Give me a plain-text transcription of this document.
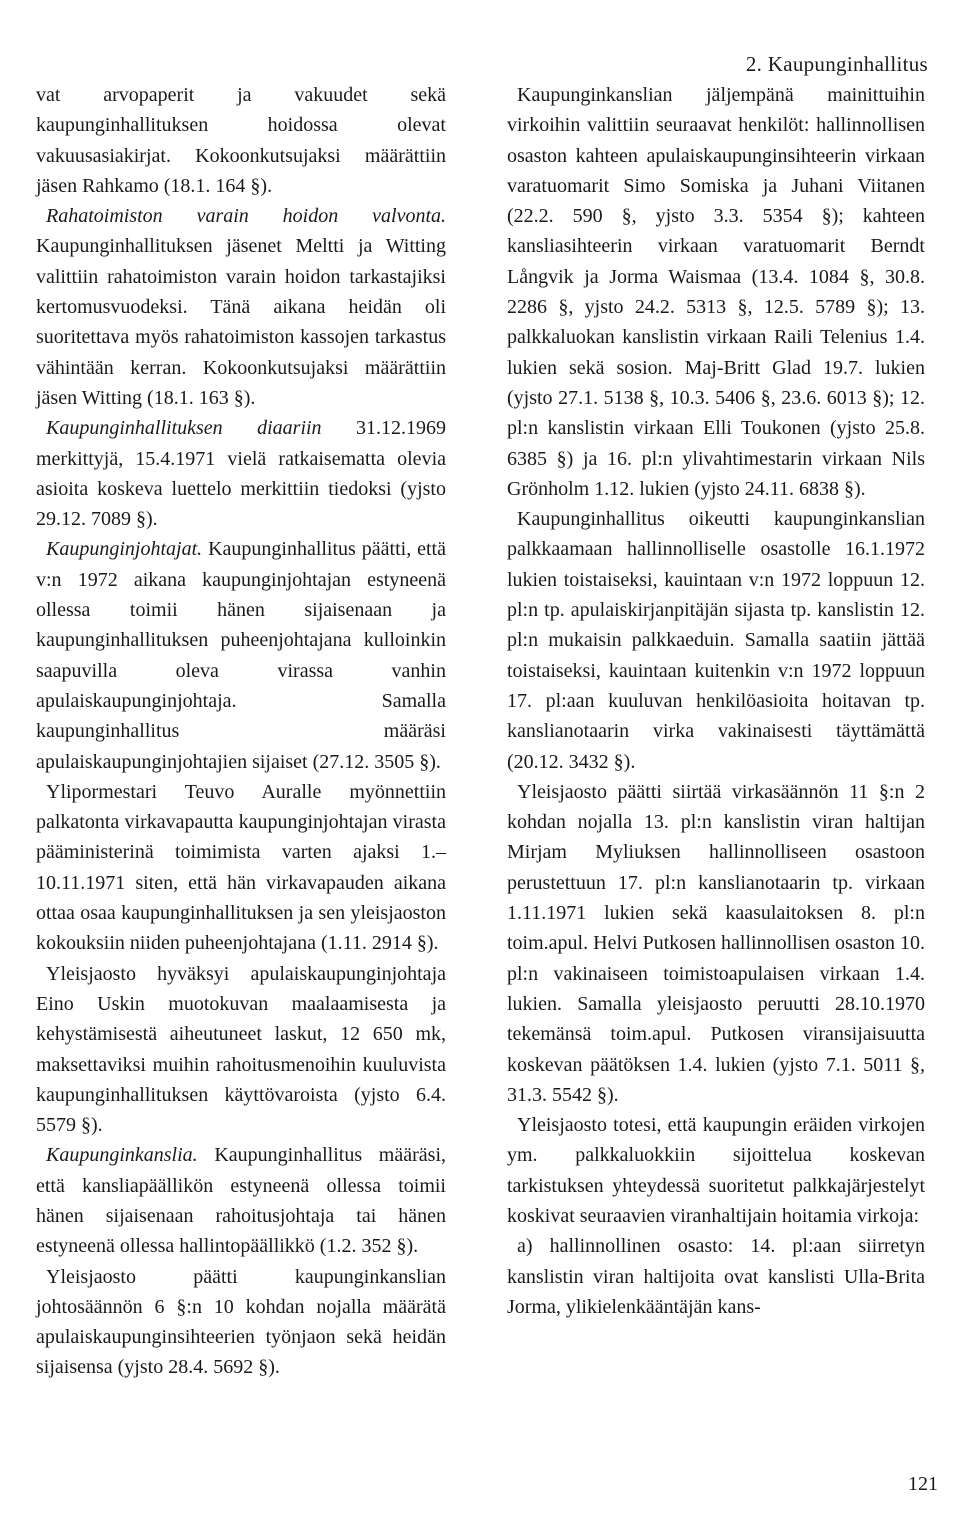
2. Kaupunginhallitus

vat arvopaperit ja vakuudet sekä kaupunginhallituksen hoidossa olevat vakuusasiakirjat. Kokoonkutsujaksi määrättiin jäsen Rahkamo (18.1. 164 §).

Rahatoimiston varain hoidon valvonta. Kaupunginhallituksen jäsenet Meltti ja Witting valittiin rahatoimiston varain hoidon tarkastajiksi kertomusvuodeksi. Tänä aikana heidän oli suoritettava myös rahatoimiston kassojen tarkastus vähintään kerran. Kokoonkutsujaksi määrättiin jäsen Witting (18.1. 163 §).

Kaupunginhallituksen diaariin 31.12.1969 merkittyjä, 15.4.1971 vielä ratkaisematta olevia asioita koskeva luettelo merkittiin tiedoksi (yjsto 29.12. 7089 §).

Kaupunginjohtajat. Kaupunginhallitus päätti, että v:n 1972 aikana kaupunginjohtajan estyneenä ollessa toimii hänen sijaisenaan ja kaupunginhallituksen puheenjohtajana kulloinkin saapuvilla oleva virassa vanhin apulaiskaupunginjohtaja. Samalla kaupunginhallitus määräsi apulaiskaupunginjohtajien sijaiset (27.12. 3505 §).

Ylipormestari Teuvo Auralle myönnettiin palkatonta virkavapautta kaupunginjohtajan virasta pääministerinä toimimista varten ajaksi 1.–10.11.1971 siten, että hän virkavapauden aikana ottaa osaa kaupunginhallituksen ja sen yleisjaoston kokouksiin niiden puheenjohtajana (1.11. 2914 §).

Yleisjaosto hyväksyi apulaiskaupunginjohtaja Eino Uskin muotokuvan maalaamisesta ja kehystämisestä aiheutuneet laskut, 12 650 mk, maksettaviksi muihin rahoitusmenoihin kuuluvista kaupunginhallituksen käyttövaroista (yjsto 6.4. 5579 §).

Kaupunginkanslia. Kaupunginhallitus määräsi, että kansliapäällikön estyneenä ollessa toimii hänen sijaisenaan rahoitusjohtaja tai hänen estyneenä ollessa hallintopäällikkö (1.2. 352 §).

Yleisjaosto päätti kaupunginkanslian johtosäännön 6 §:n 10 kohdan nojalla määrätä apulaiskaupunginsihteerien työnjaon sekä heidän sijaisensa (yjsto 28.4. 5692 §).

Kaupunginkanslian jäljempänä mainittuihin virkoihin valittiin seuraavat henkilöt: hallinnollisen osaston kahteen apulaiskaupunginsihteerin virkaan varatuomarit Simo Somiska ja Juhani Viitanen (22.2. 590 §, yjsto 3.3. 5354 §); kahteen kansliasihteerin virkaan varatuomarit Berndt Långvik ja Jorma Waismaa (13.4. 1084 §, 30.8. 2286 §, yjsto 24.2. 5313 §, 12.5. 5789 §); 13. palkkaluokan kanslistin virkaan Raili Telenius 1.4. lukien sekä sosion. Maj-Britt Glad 19.7. lukien (yjsto 27.1. 5138 §, 10.3. 5406 §, 23.6. 6013 §); 12. pl:n kanslistin virkaan Elli Toukonen (yjsto 25.8. 6385 §) ja 16. pl:n ylivahtimestarin virkaan Nils Grönholm 1.12. lukien (yjsto 24.11. 6838 §).

Kaupunginhallitus oikeutti kaupunginkanslian palkkaamaan hallinnolliselle osastolle 16.1.1972 lukien toistaiseksi, kauintaan v:n 1972 loppuun 12. pl:n tp. apulaiskirjanpitäjän sijasta tp. kanslistin 12. pl:n mukaisin palkkaeduin. Samalla saatiin jättää toistaiseksi, kauintaan kuitenkin v:n 1972 loppuun 17. pl:aan kuuluvan henkilöasioita hoitavan tp. kanslianotaarin virka vakinaisesti täyttämättä (20.12. 3432 §).

Yleisjaosto päätti siirtää virkasäännön 11 §:n 2 kohdan nojalla 13. pl:n kanslistin viran haltijan Mirjam Myliuksen hallinnolliseen osastoon perustettuun 17. pl:n kanslianotaarin tp. virkaan 1.11.1971 lukien sekä kaasulaitoksen 8. pl:n toim.apul. Helvi Putkosen hallinnollisen osaston 10. pl:n vakinaiseen toimistoapulaisen virkaan 1.4. lukien. Samalla yleisjaosto peruutti 28.10.1970 tekemänsä toim.apul. Putkosen viransijaisuutta koskevan päätöksen 1.4. lukien (yjsto 7.1. 5011 §, 31.3. 5542 §).

Yleisjaosto totesi, että kaupungin eräiden virkojen ym. palkkaluokkiin sijoittelua koskevan tarkistuksen yhteydessä suoritetut palkkajärjestelyt koskivat seuraavien viranhaltijain hoitamia virkoja:

a) hallinnollinen osasto: 14. pl:aan siirretyn kanslistin viran haltijoita ovat kanslisti Ulla-Brita Jorma, ylikielenkääntäjän kans-

121
